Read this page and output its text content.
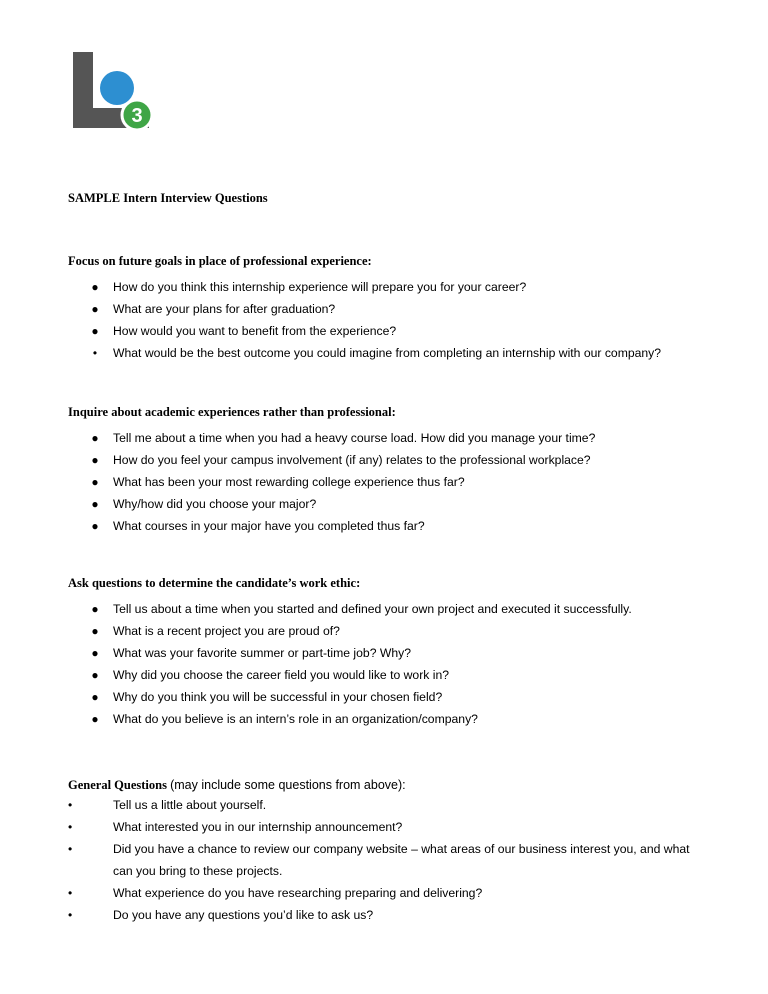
3
SAMPLE Intern Interview Questions
Focus on future goals in place of professional experience:
● How do you think this internship experience will prepare you for your career?
● What are your plans for after graduation?
● How would you want to benefit from the experience?
• What would be the best outcome you could imagine from completing an internship with our company?
Inquire about academic experiences rather than professional:
● Tell me about a time when you had a heavy course load. How did you manage your time?
● How do you feel your campus involvement (if any) relates to the professional workplace?
● What has been your most rewarding college experience thus far?
● Why/how did you choose your major?
● What courses in your major have you completed thus far?
Ask questions to determine the candidate’s work ethic:
● Tell us about a time when you started and defined your own project and executed it successfully.
● What is a recent project you are proud of?
● What was your favorite summer or part-time job? Why?
● Why did you choose the career field you would like to work in?
● Why do you think you will be successful in your chosen field?
● What do you believe is an intern’s role in an organization/company?
General Questions (may include some questions from above):
•	Tell us a little about yourself.
•	What interested you in our internship announcement?
•	Did you have a chance to review our company website – what areas of our business interest you, and what can you bring to these projects.
•	What experience do you have researching preparing and delivering?
•	Do you have any questions you’d like to ask us?
